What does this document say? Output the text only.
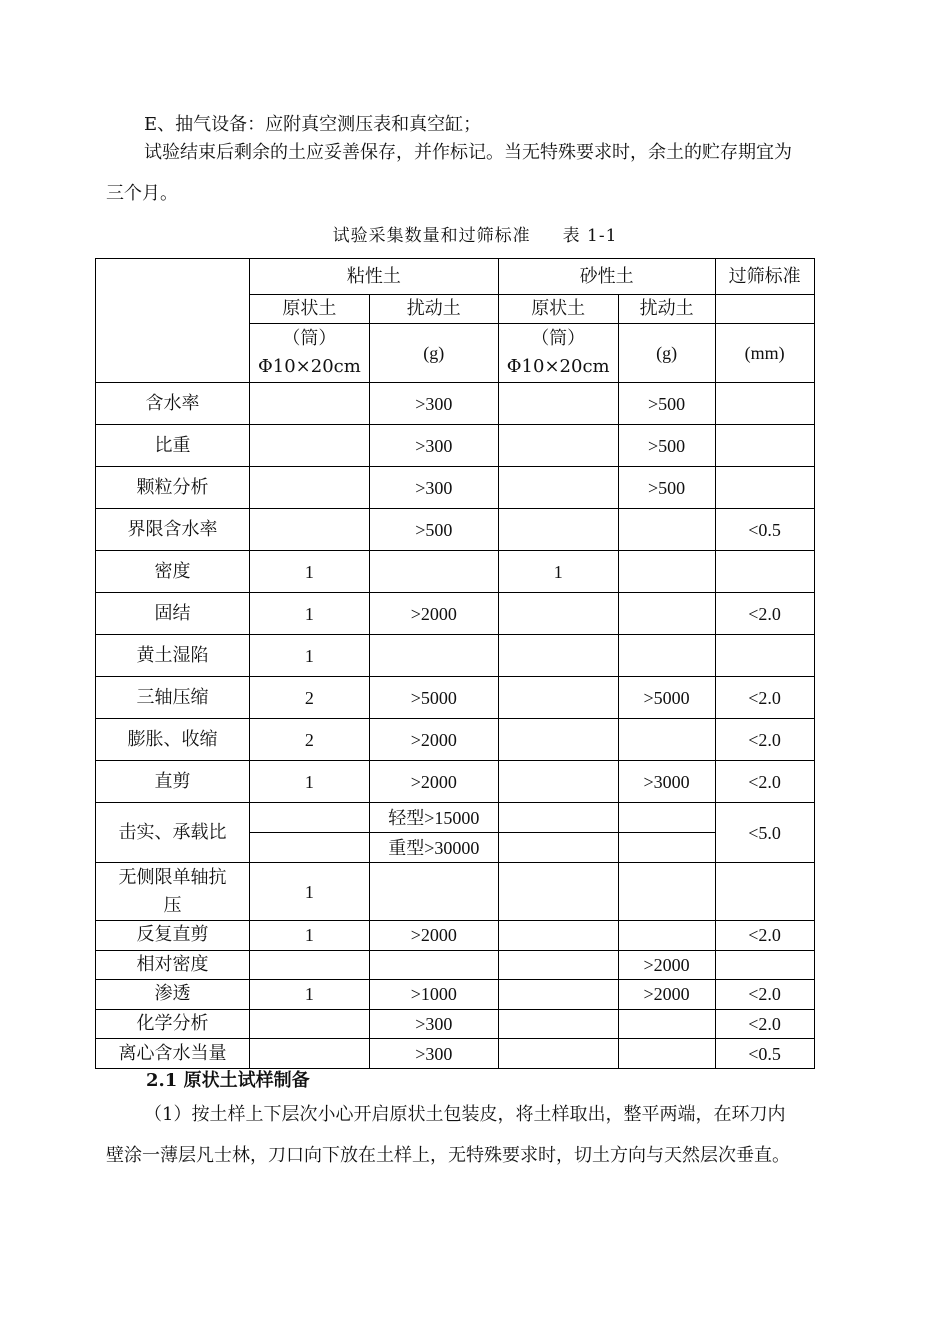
E、抽气设备：应附真空测压表和真空缸；
试验结束后剩余的土应妥善保存，并作标记。当无特殊要求时，余土的贮存期宜为三个月。
试验采集数量和过筛标准     表 1-1
	粘性土		砂性土		过筛标准
	原状土	扰动土	原状土	扰动土	
	（筒）Φ10×20cm	(g)	（筒）Φ10×20cm	(g)	(mm)
含水率		>300		>500	
比重		>300		>500	
颗粒分析		>300		>500	
界限含水率		>500			<0.5
密度	1		1		
固结	1	>2000			<2.0
黄土湿陷	1				
三轴压缩	2	>5000		>5000	<2.0
膨胀、收缩	2	>2000			<2.0
直剪	1	>2000		>3000	<2.0
击实、承载比		轻型>15000			<5.0
		重型>30000			
无侧限单轴抗压	1				
反复直剪	1	>2000			<2.0
相对密度				>2000	
渗透	1	>1000		>2000	<2.0
化学分析		>300			<2.0
离心含水当量		>300			<0.5
2.1 原状土试样制备
（1）按土样上下层次小心开启原状土包装皮，将土样取出，整平两端，在环刀内壁涂一薄层凡士林，刀口向下放在土样上，无特殊要求时，切土方向与天然层次垂直。
